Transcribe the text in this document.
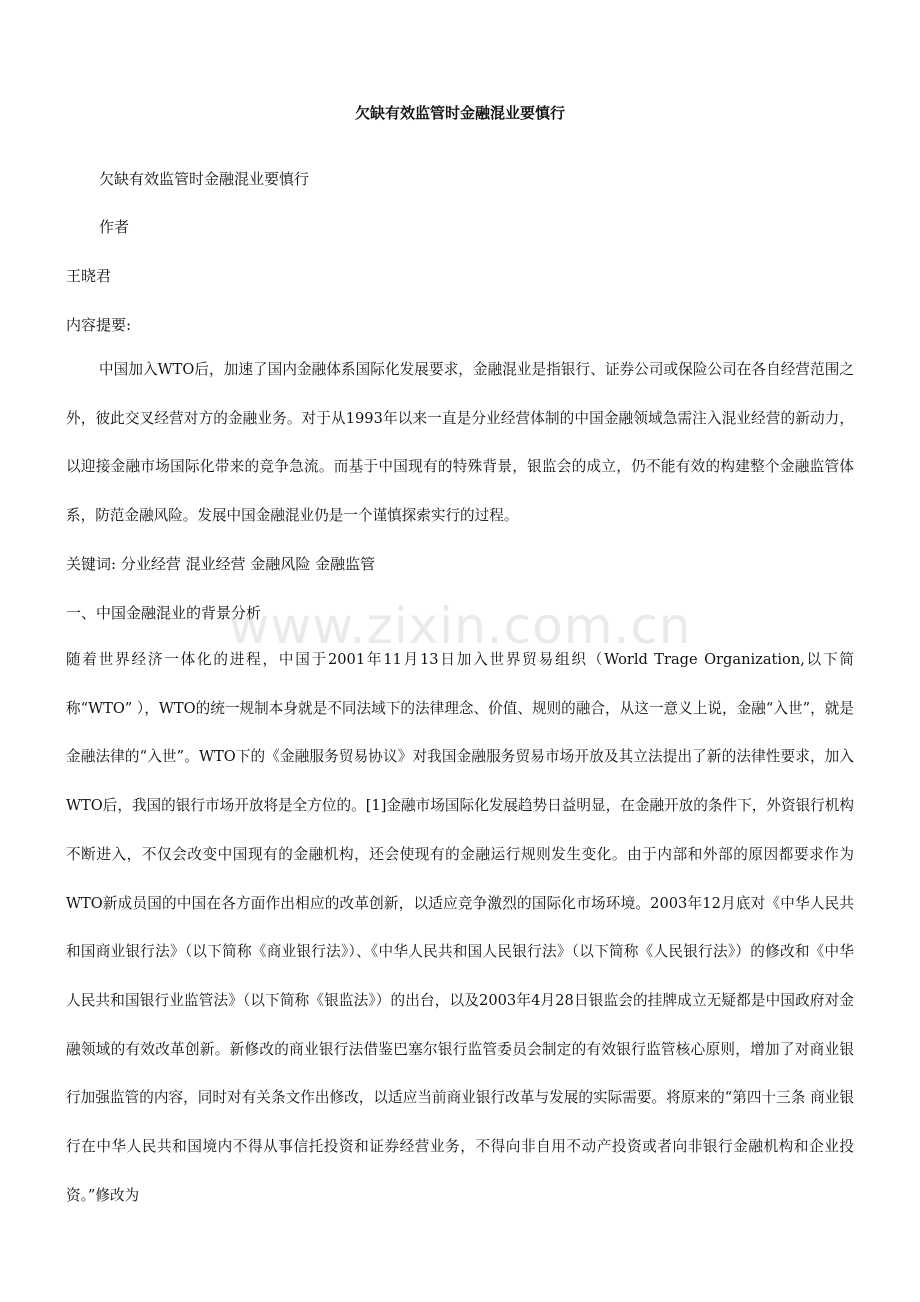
欠缺有效监管时金融混业要慎行

欠缺有效监管时金融混业要慎行

作者

王晓君

内容提要:

中国加入WTO后，加速了国内金融体系国际化发展要求，金融混业是指银行、证券公司或保险公司在各自经营范围之外，彼此交叉经营对方的金融业务。对于从1993年以来一直是分业经营体制的中国金融领域急需注入混业经营的新动力，以迎接金融市场国际化带来的竞争急流。而基于中国现有的特殊背景，银监会的成立，仍不能有效的构建整个金融监管体系，防范金融风险。发展中国金融混业仍是一个谨慎探索实行的过程。

关键词: 分业经营 混业经营 金融风险 金融监管

一、中国金融混业的背景分析

随着世界经济一体化的进程，中国于2001年11月13日加入世界贸易组织（World Trage Organization,以下简称“WTO” ），WTO的统一规制本身就是不同法域下的法律理念、价值、规则的融合，从这一意义上说，金融“入世”，就是金融法律的“入世”。WTO下的《金融服务贸易协议》对我国金融服务贸易市场开放及其立法提出了新的法律性要求，加入WTO后，我国的银行市场开放将是全方位的。[1]金融市场国际化发展趋势日益明显，在金融开放的条件下，外资银行机构不断进入，不仅会改变中国现有的金融机构，还会使现有的金融运行规则发生变化。由于内部和外部的原因都要求作为WTO新成员国的中国在各方面作出相应的改革创新，以适应竞争激烈的国际化市场环境。2003年12月底对《中华人民共和国商业银行法》（以下简称《商业银行法》）、《中华人民共和国人民银行法》（以下简称《人民银行法》）的修改和《中华人民共和国银行业监管法》（以下简称《银监法》）的出台，以及2003年4月28日银监会的挂牌成立无疑都是中国政府对金融领域的有效改革创新。新修改的商业银行法借鉴巴塞尔银行监管委员会制定的有效银行监管核心原则，增加了对商业银行加强监管的内容，同时对有关条文作出修改，以适应当前商业银行改革与发展的实际需要。将原来的“第四十三条 商业银行在中华人民共和国境内不得从事信托投资和证券经营业务，不得向非自用不动产投资或者向非银行金融机构和企业投资。”修改为

www.zixin.com.cn
